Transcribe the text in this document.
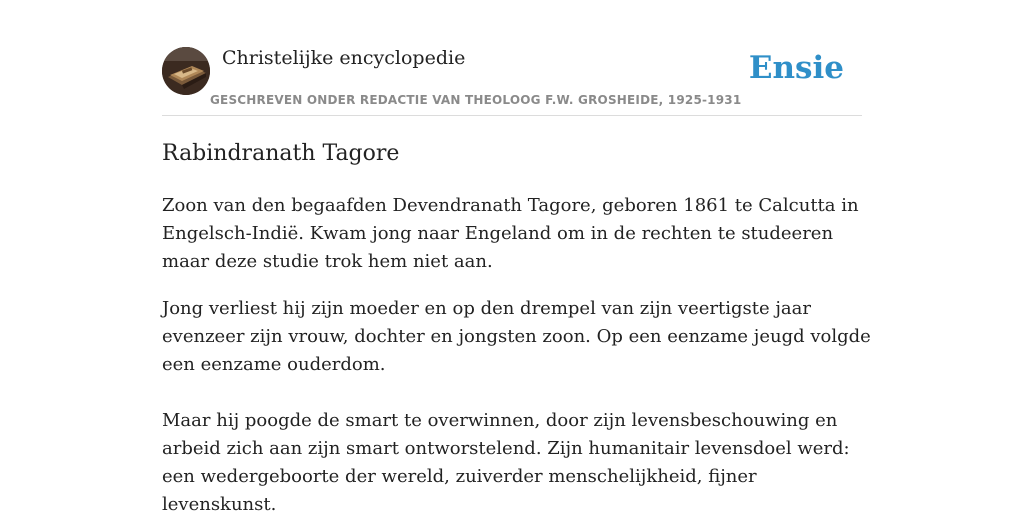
Christelijke encyclopedie
GESCHREVEN ONDER REDACTIE VAN THEOLOOG F.W. GROSHEIDE, 1925-1931
Ensie
Rabindranath Tagore

Zoon van den begaafden Devendranath Tagore, geboren 1861 te Calcutta in Engelsch-Indië. Kwam jong naar Engeland om in de rechten te studeeren maar deze studie trok hem niet aan.

Jong verliest hij zijn moeder en op den drempel van zijn veertigste jaar evenzeer zijn vrouw, dochter en jongsten zoon. Op een eenzame jeugd volgde een eenzame ouderdom.

Maar hij poogde de smart te overwinnen, door zijn levensbeschouwing en arbeid zich aan zijn smart ontworstelend. Zijn humanitair levensdoel werd: een wedergeboorte der wereld, zuiverder menschelijkheid, fijner levenskunst.
